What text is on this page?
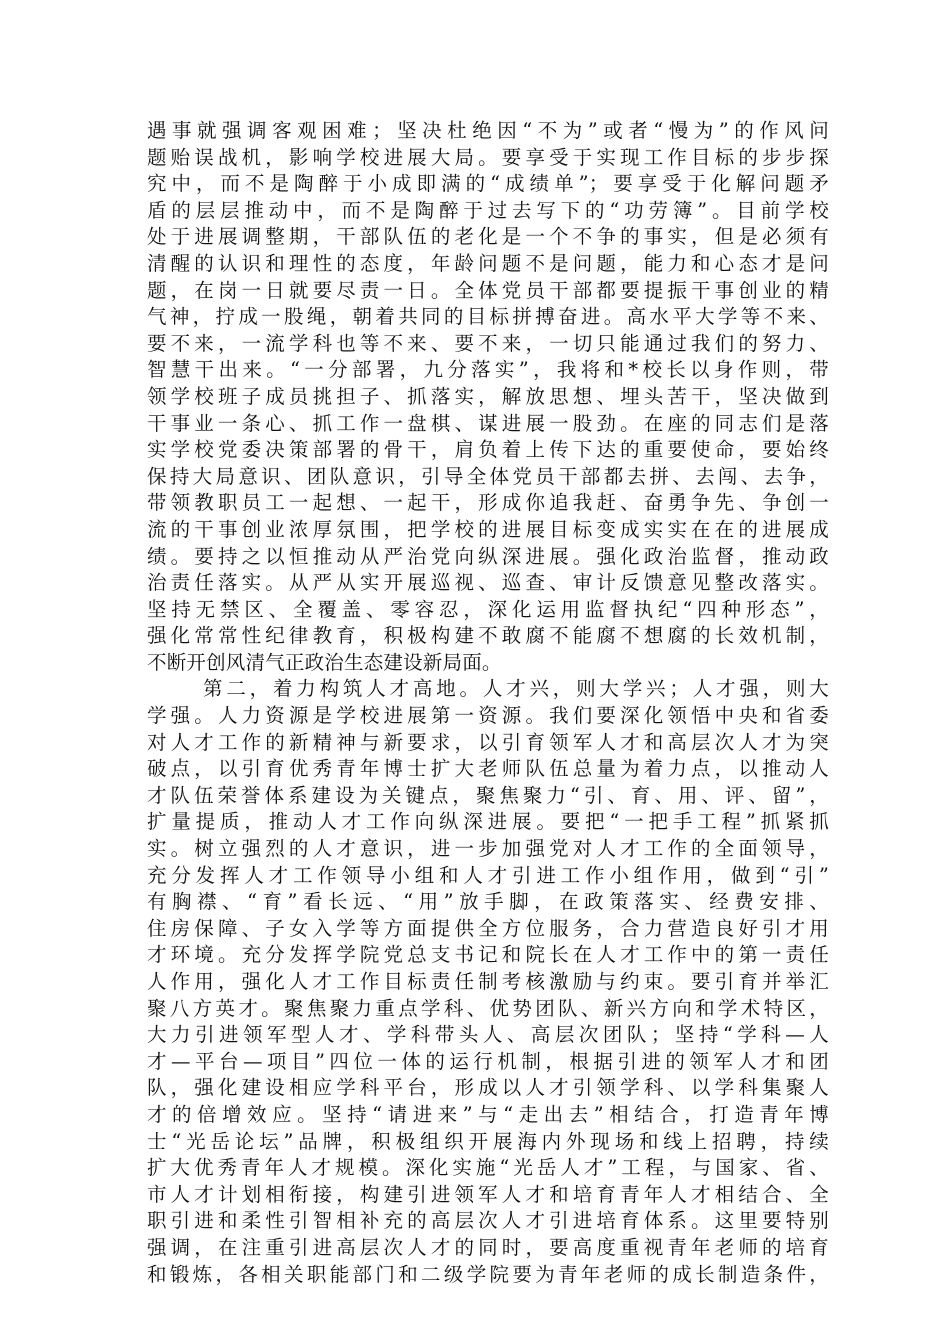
遇事就强调客观困难；坚决杜绝因“不为”或者“慢为”的作风问
题贻误战机，影响学校进展大局。要享受于实现工作目标的步步探
究中，而不是陶醉于小成即满的“成绩单”；要享受于化解问题矛
盾的层层推动中，而不是陶醉于过去写下的“功劳簿”。目前学校
处于进展调整期，干部队伍的老化是一个不争的事实，但是必须有
清醒的认识和理性的态度，年龄问题不是问题，能力和心态才是问
题，在岗一日就要尽责一日。全体党员干部都要提振干事创业的精
气神，拧成一股绳，朝着共同的目标拼搏奋进。高水平大学等不来、
要不来，一流学科也等不来、要不来，一切只能通过我们的努力、
智慧干出来。“一分部署，九分落实”，我将和*校长以身作则，带
领学校班子成员挑担子、抓落实，解放思想、埋头苦干，坚决做到
干事业一条心、抓工作一盘棋、谋进展一股劲。在座的同志们是落
实学校党委决策部署的骨干，肩负着上传下达的重要使命，要始终
保持大局意识、团队意识，引导全体党员干部都去拼、去闯、去争，
带领教职员工一起想、一起干，形成你追我赶、奋勇争先、争创一
流的干事创业浓厚氛围，把学校的进展目标变成实实在在的进展成
绩。要持之以恒推动从严治党向纵深进展。强化政治监督，推动政
治责任落实。从严从实开展巡视、巡查、审计反馈意见整改落实。
坚持无禁区、全覆盖、零容忍，深化运用监督执纪“四种形态”，
强化常常性纪律教育，积极构建不敢腐不能腐不想腐的长效机制，
不断开创风清气正政治生态建设新局面。
第二，着力构筑人才高地。人才兴，则大学兴；人才强，则大
学强。人力资源是学校进展第一资源。我们要深化领悟中央和省委
对人才工作的新精神与新要求，以引育领军人才和高层次人才为突
破点，以引育优秀青年博士扩大老师队伍总量为着力点，以推动人
才队伍荣誉体系建设为关键点，聚焦聚力“引、育、用、评、留”，
扩量提质，推动人才工作向纵深进展。要把“一把手工程”抓紧抓
实。树立强烈的人才意识，进一步加强党对人才工作的全面领导，
充分发挥人才工作领导小组和人才引进工作小组作用，做到“引”
有胸襟、“育”看长远、“用”放手脚，在政策落实、经费安排、
住房保障、子女入学等方面提供全方位服务，合力营造良好引才用
才环境。充分发挥学院党总支书记和院长在人才工作中的第一责任
人作用，强化人才工作目标责任制考核激励与约束。要引育并举汇
聚八方英才。聚焦聚力重点学科、优势团队、新兴方向和学术特区，
大力引进领军型人才、学科带头人、高层次团队；坚持“学科—人
才—平台—项目”四位一体的运行机制，根据引进的领军人才和团
队，强化建设相应学科平台，形成以人才引领学科、以学科集聚人
才的倍增效应。坚持“请进来”与“走出去”相结合，打造青年博
士“光岳论坛”品牌，积极组织开展海内外现场和线上招聘，持续
扩大优秀青年人才规模。深化实施“光岳人才”工程，与国家、省、
市人才计划相衔接，构建引进领军人才和培育青年人才相结合、全
职引进和柔性引智相补充的高层次人才引进培育体系。这里要特别
强调，在注重引进高层次人才的同时，要高度重视青年老师的培育
和锻炼，各相关职能部门和二级学院要为青年老师的成长制造条件，
